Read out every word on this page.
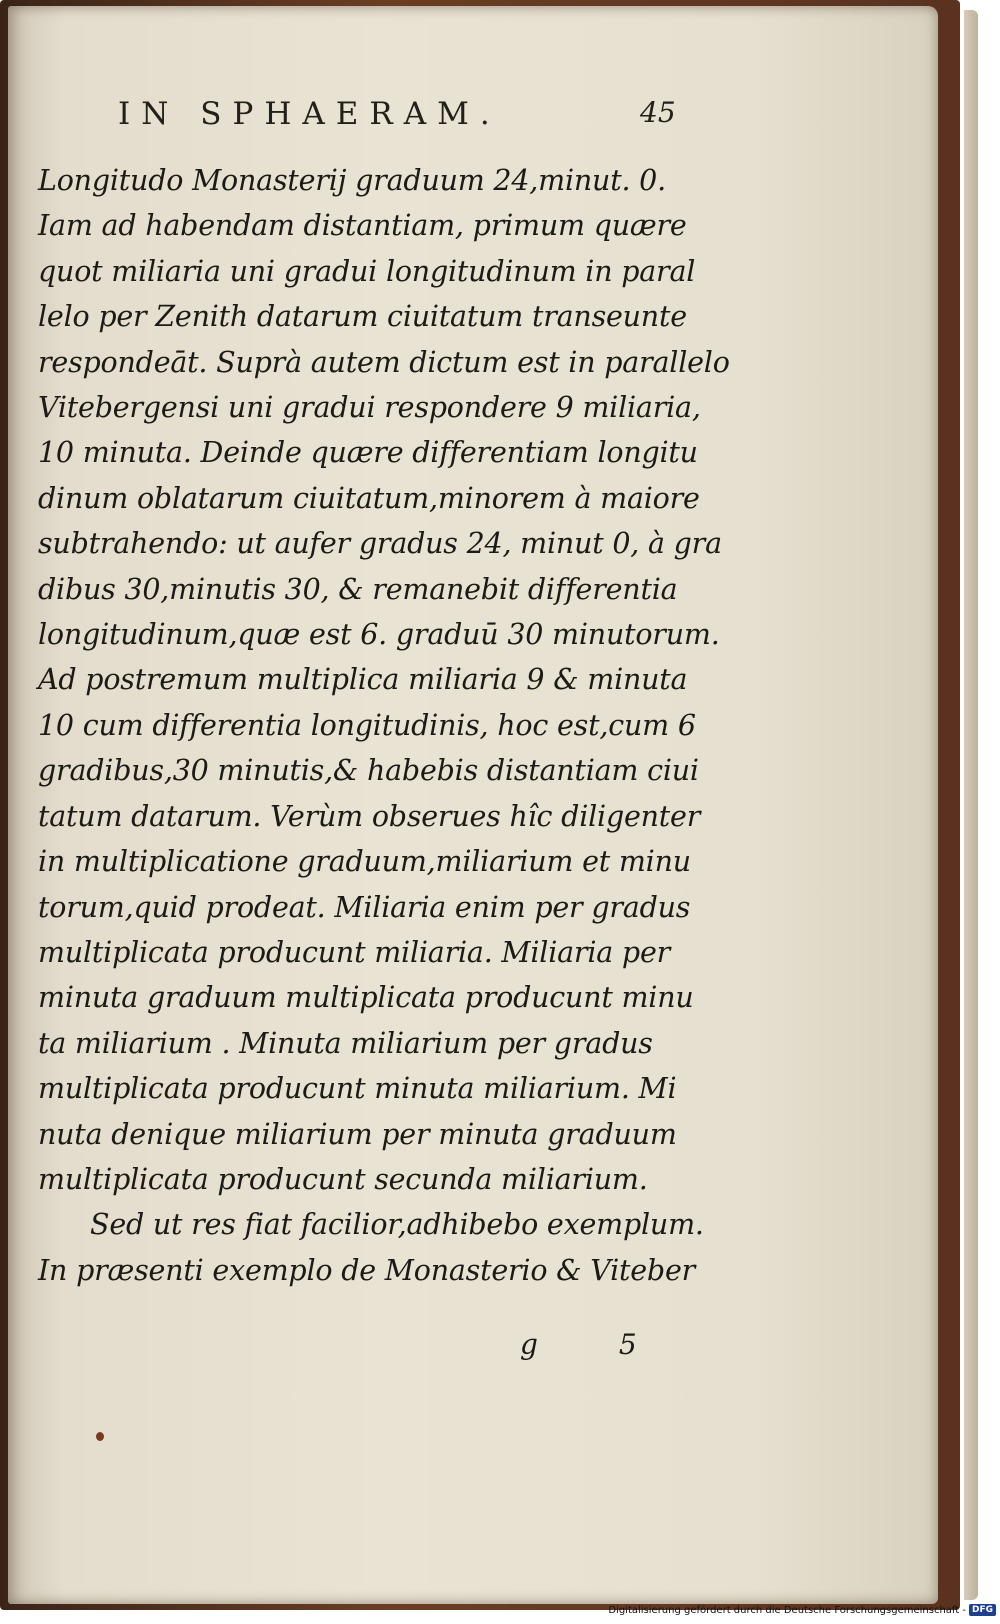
IN SPHAERAM.	45
Longitudo Monasterij graduum 24,minut. 0.
Iam ad habendam distantiam, primum quære
quot miliaria uni gradui longitudinum in paral
lelo per Zenith datarum ciuitatum transeunte
respondeāt. Suprà autem dictum est in parallelo
Vitebergensi uni gradui respondere 9 miliaria,
10 minuta. Deinde quære differentiam longitu
dinum oblatarum ciuitatum,minorem à maiore
subtrahendo: ut aufer gradus 24, minut 0, à gra
dibus 30,minutis 30, & remanebit differentia
longitudinum,quæ est 6. graduū 30 minutorum.
Ad postremum multiplica miliaria 9 & minuta
10 cum differentia longitudinis, hoc est,cum 6
gradibus,30 minutis,& habebis distantiam ciui
tatum datarum. Verùm obserues hîc diligenter
in multiplicatione graduum,miliarium et minu
torum,quid prodeat. Miliaria enim per gradus
multiplicata producunt miliaria. Miliaria per
minuta graduum multiplicata producunt minu
ta miliarium . Minuta miliarium per gradus
multiplicata producunt minuta miliarium. Mi
nuta denique miliarium per minuta graduum
multiplicata producunt secunda miliarium.
Sed ut res fiat facilior,adhibebo exemplum.
In præsenti exemplo de Monasterio & Viteber
g 5
Digitalisierung gefördert durch die Deutsche Forschungsgemeinschaft - DFG
